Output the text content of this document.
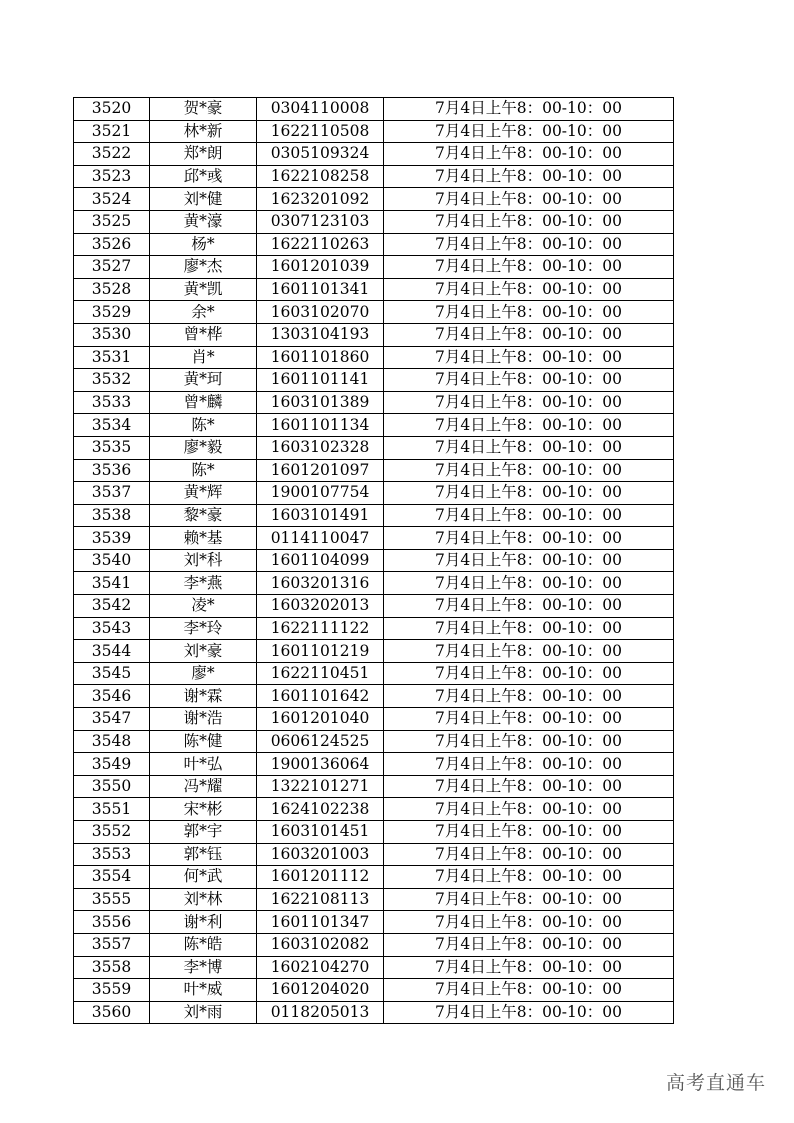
3520	贺*豪	0304110008	7月4日上午8：00-10：00
3521	林*新	1622110508	7月4日上午8：00-10：00
3522	郑*朗	0305109324	7月4日上午8：00-10：00
3523	邱*彧	1622108258	7月4日上午8：00-10：00
3524	刘*健	1623201092	7月4日上午8：00-10：00
3525	黄*濠	0307123103	7月4日上午8：00-10：00
3526	杨*	1622110263	7月4日上午8：00-10：00
3527	廖*杰	1601201039	7月4日上午8：00-10：00
3528	黄*凯	1601101341	7月4日上午8：00-10：00
3529	余*	1603102070	7月4日上午8：00-10：00
3530	曾*桦	1303104193	7月4日上午8：00-10：00
3531	肖*	1601101860	7月4日上午8：00-10：00
3532	黄*珂	1601101141	7月4日上午8：00-10：00
3533	曾*麟	1603101389	7月4日上午8：00-10：00
3534	陈*	1601101134	7月4日上午8：00-10：00
3535	廖*毅	1603102328	7月4日上午8：00-10：00
3536	陈*	1601201097	7月4日上午8：00-10：00
3537	黄*辉	1900107754	7月4日上午8：00-10：00
3538	黎*豪	1603101491	7月4日上午8：00-10：00
3539	赖*基	0114110047	7月4日上午8：00-10：00
3540	刘*科	1601104099	7月4日上午8：00-10：00
3541	李*燕	1603201316	7月4日上午8：00-10：00
3542	凌*	1603202013	7月4日上午8：00-10：00
3543	李*玲	1622111122	7月4日上午8：00-10：00
3544	刘*豪	1601101219	7月4日上午8：00-10：00
3545	廖*	1622110451	7月4日上午8：00-10：00
3546	谢*霖	1601101642	7月4日上午8：00-10：00
3547	谢*浩	1601201040	7月4日上午8：00-10：00
3548	陈*健	0606124525	7月4日上午8：00-10：00
3549	叶*弘	1900136064	7月4日上午8：00-10：00
3550	冯*耀	1322101271	7月4日上午8：00-10：00
3551	宋*彬	1624102238	7月4日上午8：00-10：00
3552	郭*宇	1603101451	7月4日上午8：00-10：00
3553	郭*钰	1603201003	7月4日上午8：00-10：00
3554	何*武	1601201112	7月4日上午8：00-10：00
3555	刘*林	1622108113	7月4日上午8：00-10：00
3556	谢*利	1601101347	7月4日上午8：00-10：00
3557	陈*皓	1603102082	7月4日上午8：00-10：00
3558	李*博	1602104270	7月4日上午8：00-10：00
3559	叶*威	1601204020	7月4日上午8：00-10：00
3560	刘*雨	0118205013	7月4日上午8：00-10：00
高考直通车
